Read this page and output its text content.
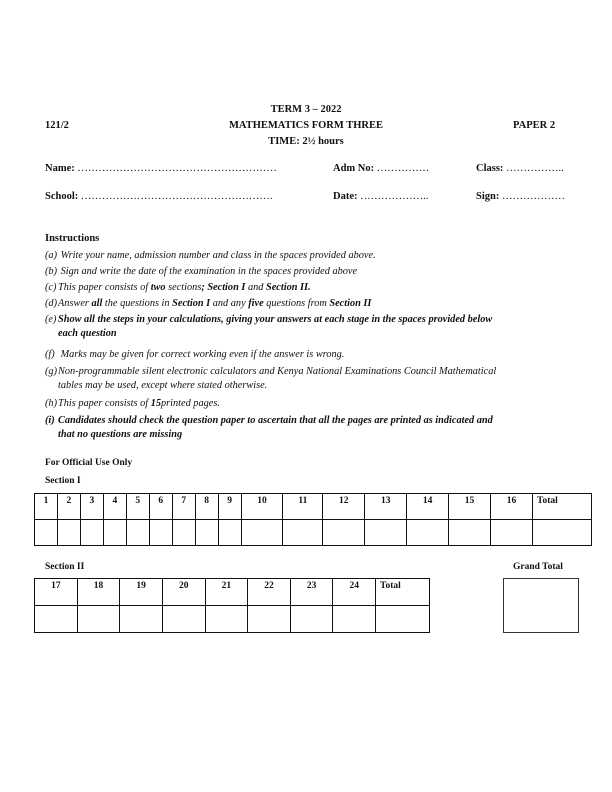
TERM 3 – 2022
121/2	MATHEMATICS FORM THREE	PAPER 2
TIME: 2½ hours
Name: …………………………………………………	Adm No: ……………	Class: ……………..
School: ……………………………………………….	Date: ………………..	Sign: ………………
Instructions
(a) Write your name, admission number and class in the spaces provided above.
(b) Sign and write the date of the examination in the spaces provided above
(c) This paper consists of two sections; Section I and Section II.
(d)Answer all the questions in Section I and any five questions from Section II
(e) Show all the steps in your calculations, giving your answers at each stage in the spaces provided below
each question
(f) Marks may be given for correct working even if the answer is wrong.
(g)Non-programmable silent electronic calculators and Kenya National Examinations Council Mathematical
tables may be used, except where stated otherwise.
(h)This paper consists of 15printed pages.
(i) Candidates should check the question paper to ascertain that all the pages are printed as indicated and
that no questions are missing
For Official Use Only
Section I
1	2	3	4	5	6	7	8	9	10	11	12	13	14	15	16	Total

Section II	Grand Total
17	18	19	20	21	22	23	24	Total
